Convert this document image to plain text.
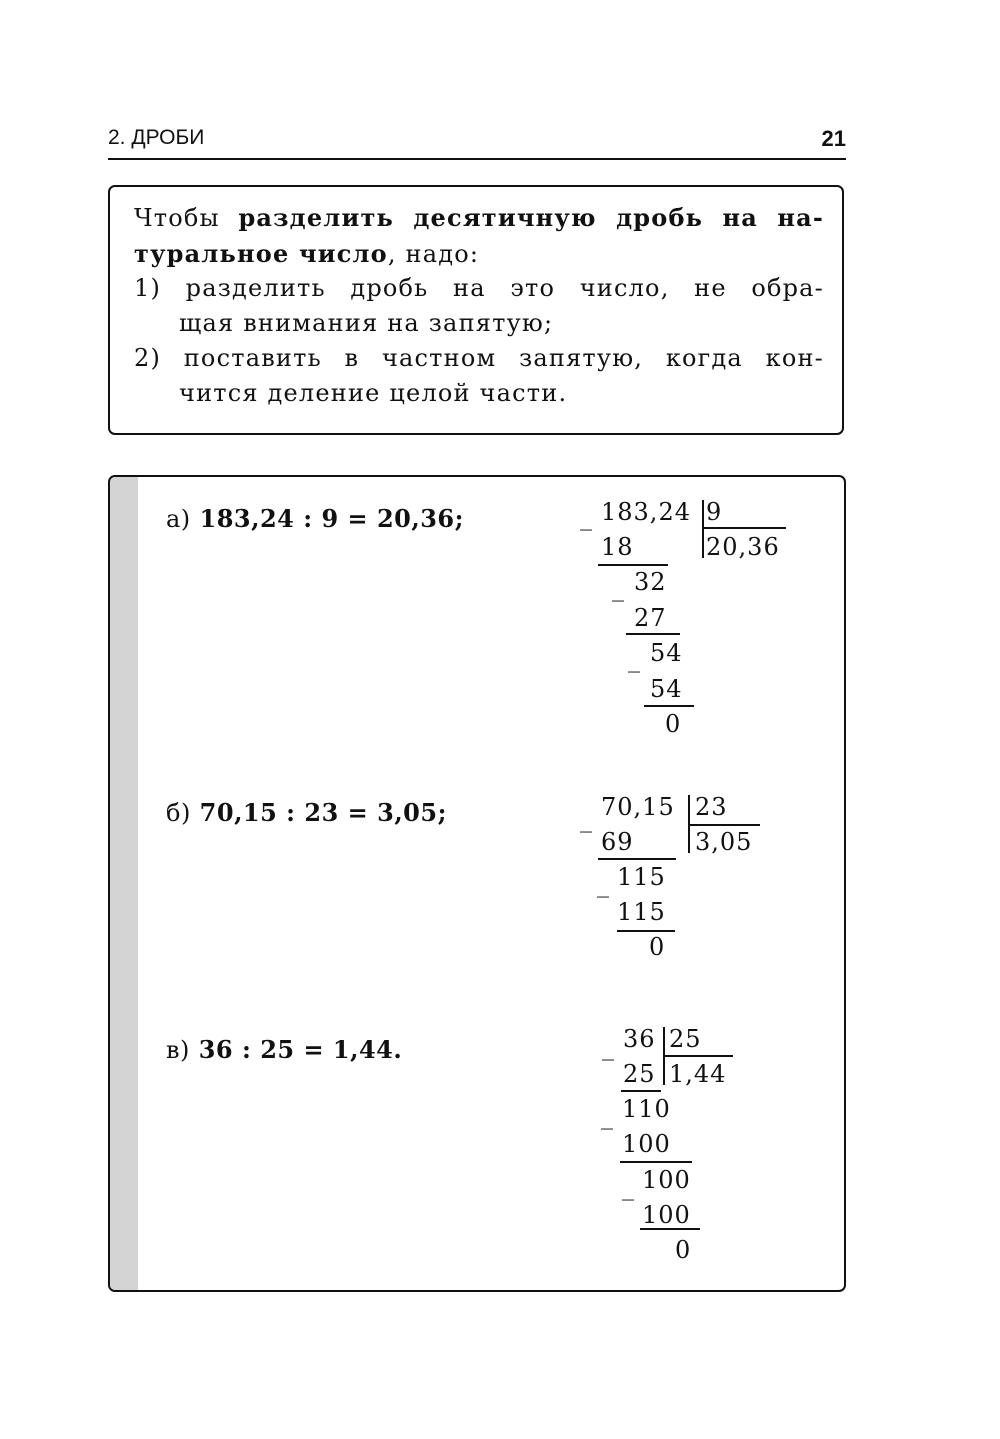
2. ДРОБИ	21
Чтобы разделить десятичную дробь на на-
туральное число, надо:
1) разделить дробь на это число, не обра-
щая внимания на запятую;
2) поставить в частном запятую, когда кон-
чится деление целой части.
а) 183,24 : 9 = 20,36;	_ 183,24 9
20,36
18
_ 32
27
_ 54
54
0
б) 70,15 : 23 = 3,05;	_ 70,15 23
3,05
69
_ 115
115
0
в) 36 : 25 = 1,44.	_ 36 25
1,44
25
_ 110
100
_ 100
100
0
